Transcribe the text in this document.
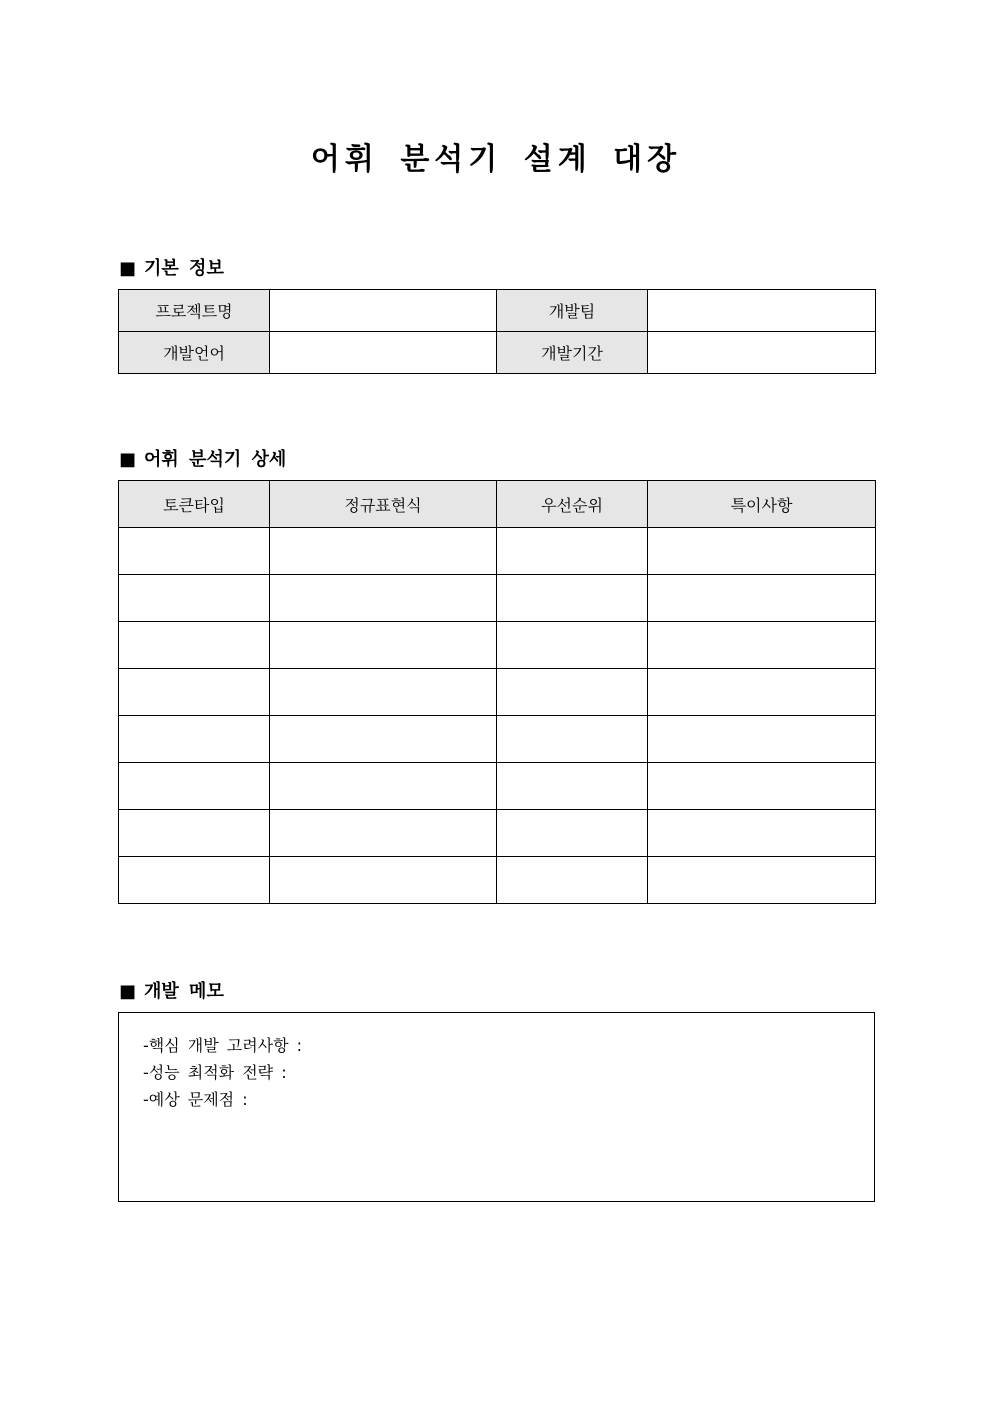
어휘 분석기 설계 대장
■ 기본 정보
프로젝트명		개발팀	
개발언어		개발기간	
■ 어휘 분석기 상세
토큰타입	정규표현식	우선순위	특이사항

■ 개발 메모
-핵심 개발 고려사항 :
-성능 최적화 전략 :
-예상 문제점 :
